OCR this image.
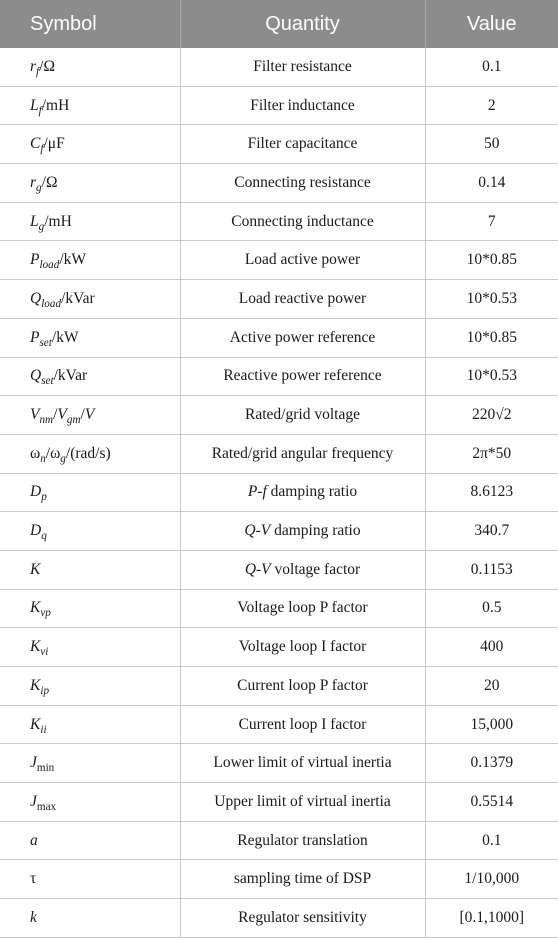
Symbol	Quantity	Value
$r_f/\Omega$	Filter resistance	0.1
$L_f/mH$	Filter inductance	2
$C_f/\mu F$	Filter capacitance	50
$r_g/\Omega$	Connecting resistance	0.14
$L_g/mH$	Connecting inductance	7
$P_{load}/kW$	Load active power	10*0.85
$Q_{load}$/kVar	Load reactive power	10*0.53
$P_{set}/kW$	Active power reference	10*0.85
$Q_{set}$/kVar	Reactive power reference	10*0.53
$V_{nm}/V_{gm}/V$	Rated/grid voltage	220√2
$\omega_n/\omega_g/(rad/s)$	Rated/grid angular frequency	2π*50
$D_p$	P-f damping ratio	8.6123
$D_q$	Q-V damping ratio	340.7
K	Q-V voltage factor	0.1153
$K_{vp}$	Voltage loop P factor	0.5
$K_{vi}$	Voltage loop I factor	400
$K_{ip}$	Current loop P factor	20
$K_{ii}$	Current loop I factor	15,000
$J_{min}$	Lower limit of virtual inertia	0.1379
$J_{max}$	Upper limit of virtual inertia	0.5514
a	Regulator translation	0.1
τ	sampling time of DSP	1/10,000
k	Regulator sensitivity	[0.1,1000]
